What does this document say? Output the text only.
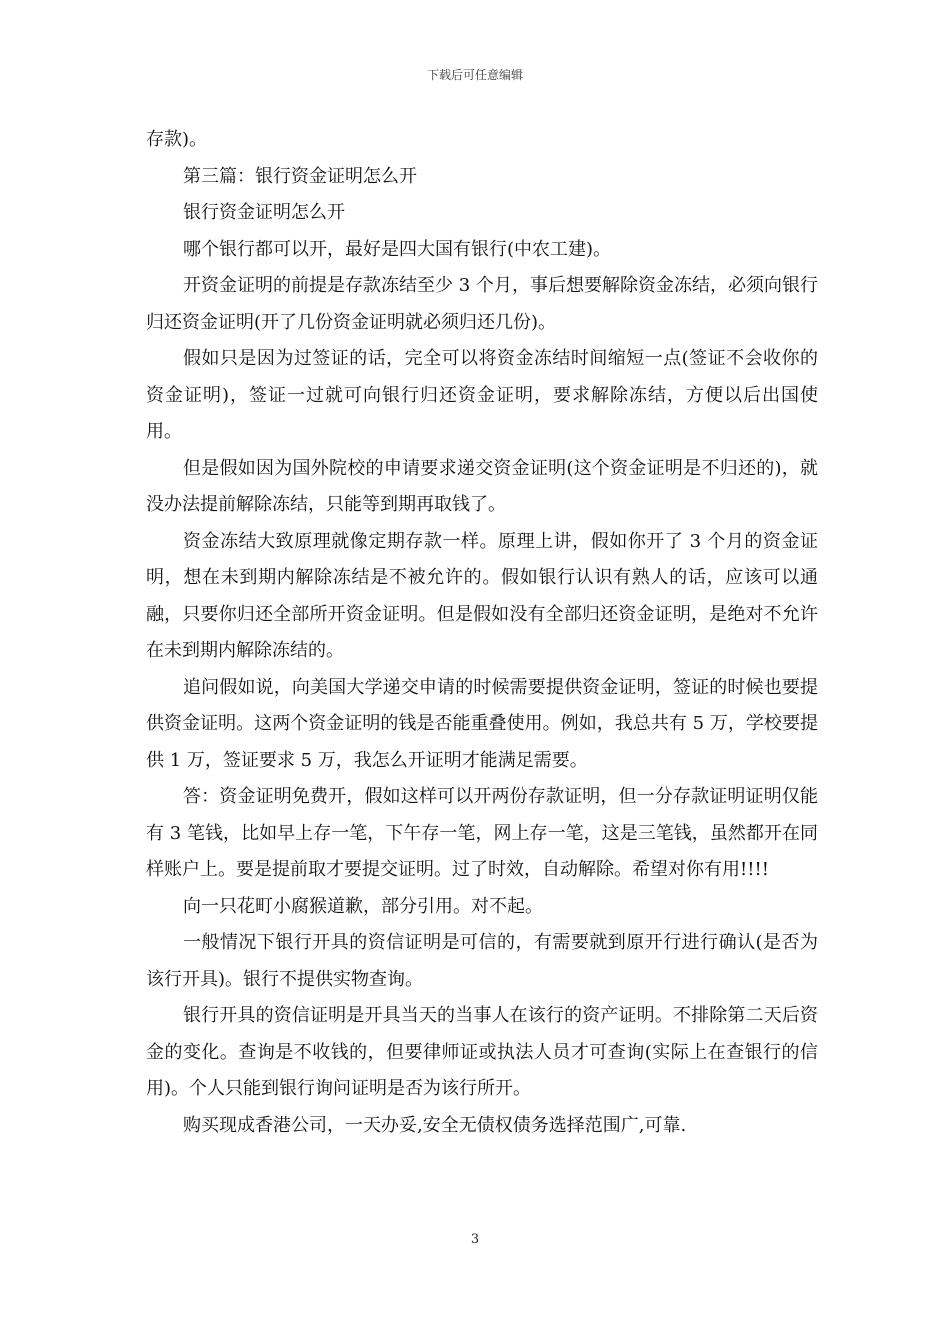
下载后可任意编辑

存款)。

第三篇：银行资金证明怎么开

银行资金证明怎么开

哪个银行都可以开，最好是四大国有银行(中农工建)。

开资金证明的前提是存款冻结至少 3 个月，事后想要解除资金冻结，必须向银行归还资金证明(开了几份资金证明就必须归还几份)。

假如只是因为过签证的话，完全可以将资金冻结时间缩短一点(签证不会收你的资金证明)，签证一过就可向银行归还资金证明，要求解除冻结，方便以后出国使用。

但是假如因为国外院校的申请要求递交资金证明(这个资金证明是不归还的)，就没办法提前解除冻结，只能等到期再取钱了。

资金冻结大致原理就像定期存款一样。原理上讲，假如你开了 3 个月的资金证明，想在未到期内解除冻结是不被允许的。假如银行认识有熟人的话，应该可以通融，只要你归还全部所开资金证明。但是假如没有全部归还资金证明，是绝对不允许在未到期内解除冻结的。

追问假如说，向美国大学递交申请的时候需要提供资金证明，签证的时候也要提供资金证明。这两个资金证明的钱是否能重叠使用。例如，我总共有 5 万，学校要提供 1 万，签证要求 5 万，我怎么开证明才能满足需要。

答：资金证明免费开，假如这样可以开两份存款证明，但一分存款证明证明仅能有 3 笔钱，比如早上存一笔，下午存一笔，网上存一笔，这是三笔钱，虽然都开在同样账户上。要是提前取才要提交证明。过了时效，自动解除。希望对你有用!!!!

向一只花町小腐猴道歉，部分引用。对不起。

一般情况下银行开具的资信证明是可信的，有需要就到原开行进行确认(是否为该行开具)。银行不提供实物查询。

银行开具的资信证明是开具当天的当事人在该行的资产证明。不排除第二天后资金的变化。查询是不收钱的，但要律师证或执法人员才可查询(实际上在查银行的信用)。个人只能到银行询问证明是否为该行所开。

购买现成香港公司，一天办妥,安全无债权债务选择范围广,可靠.

3
